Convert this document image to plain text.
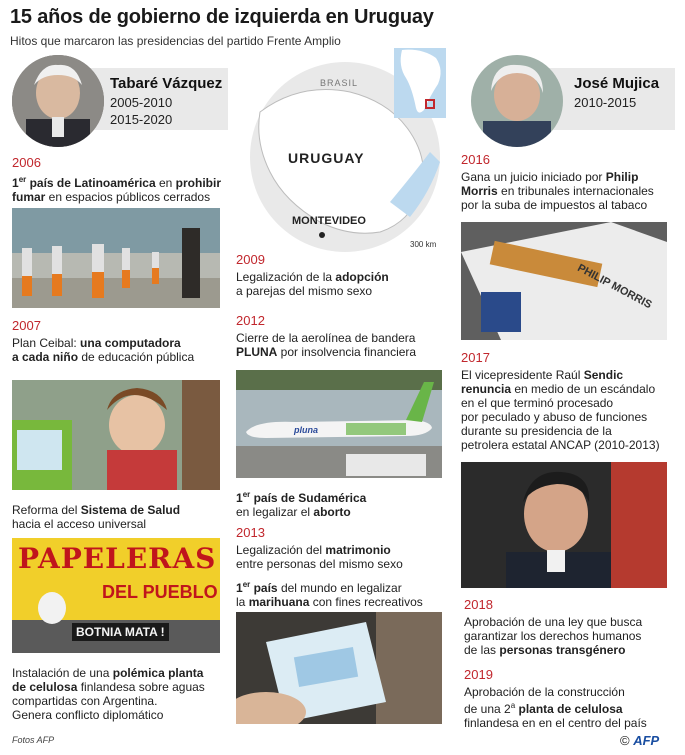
15 años de gobierno de izquierda en Uruguay
Hitos que marcaron las presidencias del partido Frente Amplio
Tabaré Vázquez
2005-2010
2015-2020
José Mujica
2010-2015
BRASIL
URUGUAY
MONTEVIDEO
300 km
2006
1er país de Latinoamérica en prohibir
fumar en espacios públicos cerrados
2007
Plan Ceibal: una computadora
a cada niño de educación pública
Reforma del Sistema de Salud
hacia el acceso universal
PAPELERAS
DEL PUEBLO
BOTNIA MATA !
Instalación de una polémica planta
de celulosa finlandesa sobre aguas
compartidas con Argentina.
Genera conflicto diplomático
Fotos AFP
2009
Legalización de la adopción
a parejas del mismo sexo
2012
Cierre de la aerolínea de bandera
PLUNA por insolvencia financiera
pluna
1er país de Sudamérica
en legalizar el aborto
2013
Legalización del matrimonio
entre personas del mismo sexo
1er país del mundo en legalizar
la marihuana con fines recreativos
2016
Gana un juicio iniciado por Philip
Morris en tribunales internacionales
por la suba de impuestos al tabaco
PHILIP MORRIS
2017
El vicepresidente Raúl Sendic
renuncia en medio de un escándalo
en el que terminó procesado
por peculado y abuso de funciones
durante su presidencia de la
petrolera estatal ANCAP (2010-2013)
2018
Aprobación de una ley que busca
garantizar los derechos humanos
de las personas transgénero
2019
Aprobación de la construcción
de una 2$^a$ planta de celulosa
finlandesa en en el centro del país
© AFP
